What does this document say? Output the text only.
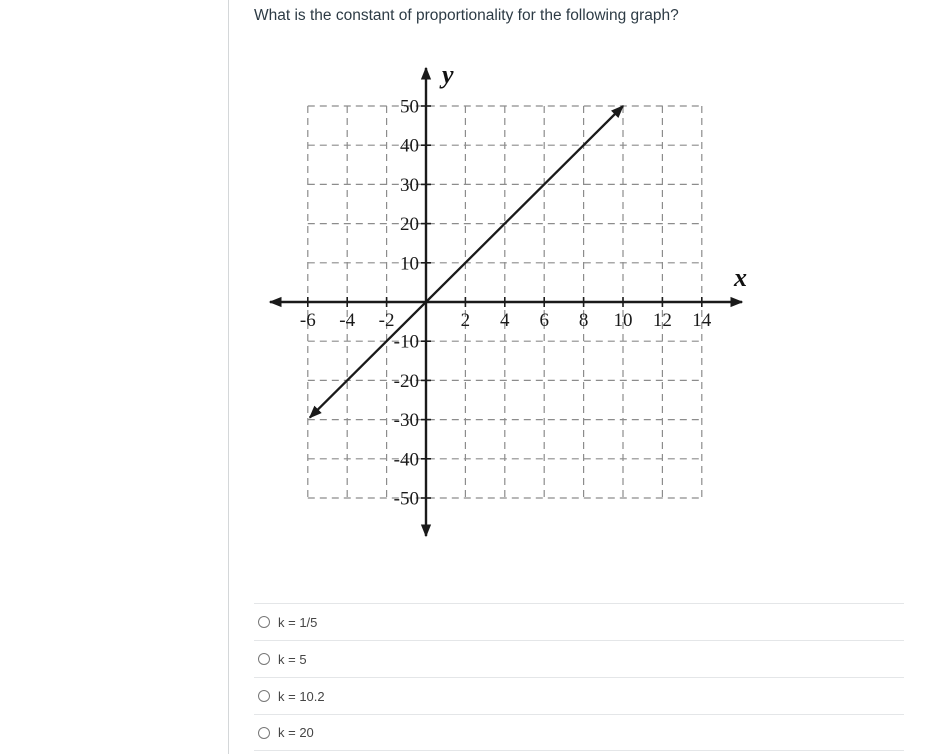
What is the constant of proportionality for the following graph?
-6 -4 -2	2 4 6 8 10 12 14
50
40
30
20
10
-10
-20
-30
-40
-50
y
x
k = 1/5
k = 5
k = 10.2
k = 20
